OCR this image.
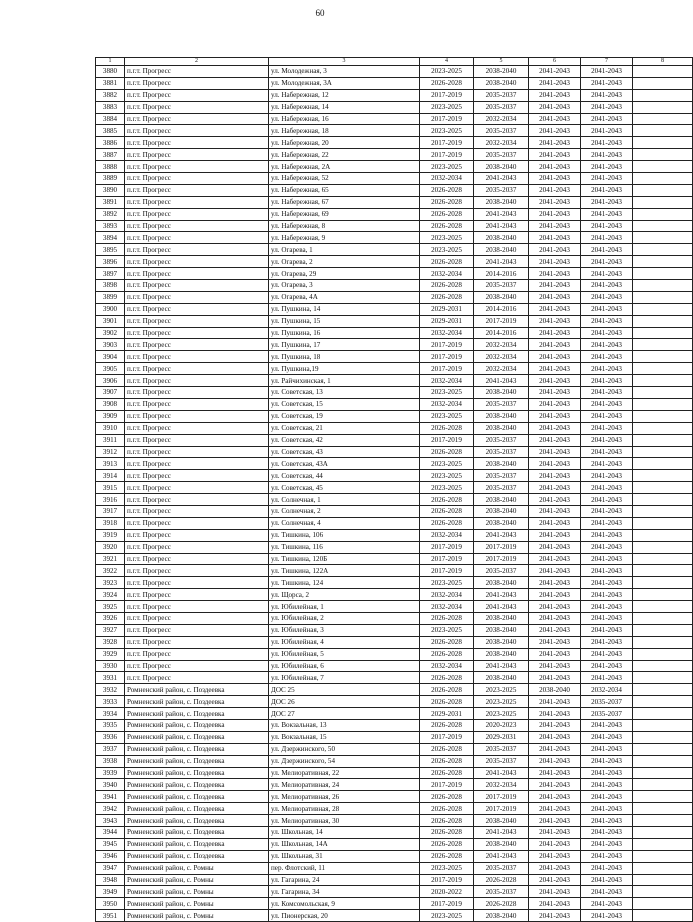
60
1	2	3	4	5	6	7	8
3880	п.г.т. Прогресс	ул. Молодежная, 3	2023-2025	2038-2040	2041-2043	2041-2043	
3881	п.г.т. Прогресс	ул. Молодежная, 3А	2026-2028	2038-2040	2041-2043	2041-2043	
3882	п.г.т. Прогресс	ул. Набережная, 12	2017-2019	2035-2037	2041-2043	2041-2043	
3883	п.г.т. Прогресс	ул. Набережная, 14	2023-2025	2035-2037	2041-2043	2041-2043	
3884	п.г.т. Прогресс	ул. Набережная, 16	2017-2019	2032-2034	2041-2043	2041-2043	
3885	п.г.т. Прогресс	ул. Набережная, 18	2023-2025	2035-2037	2041-2043	2041-2043	
3886	п.г.т. Прогресс	ул. Набережная, 20	2017-2019	2032-2034	2041-2043	2041-2043	
3887	п.г.т. Прогресс	ул. Набережная, 22	2017-2019	2035-2037	2041-2043	2041-2043	
3888	п.г.т. Прогресс	ул. Набережная, 2А	2023-2025	2038-2040	2041-2043	2041-2043	
3889	п.г.т. Прогресс	ул. Набережная, 52	2032-2034	2041-2043	2041-2043	2041-2043	
3890	п.г.т. Прогресс	ул. Набережная, 65	2026-2028	2035-2037	2041-2043	2041-2043	
3891	п.г.т. Прогресс	ул. Набережная, 67	2026-2028	2038-2040	2041-2043	2041-2043	
3892	п.г.т. Прогресс	ул. Набережная, 69	2026-2028	2041-2043	2041-2043	2041-2043	
3893	п.г.т. Прогресс	ул. Набережная, 8	2026-2028	2041-2043	2041-2043	2041-2043	
3894	п.г.т. Прогресс	ул. Набережная, 9	2023-2025	2038-2040	2041-2043	2041-2043	
3895	п.г.т. Прогресс	ул. Огарева, 1	2023-2025	2038-2040	2041-2043	2041-2043	
3896	п.г.т. Прогресс	ул. Огарева, 2	2026-2028	2041-2043	2041-2043	2041-2043	
3897	п.г.т. Прогресс	ул. Огарева, 29	2032-2034	2014-2016	2041-2043	2041-2043	
3898	п.г.т. Прогресс	ул. Огарева, 3	2026-2028	2035-2037	2041-2043	2041-2043	
3899	п.г.т. Прогресс	ул. Огарева, 4А	2026-2028	2038-2040	2041-2043	2041-2043	
3900	п.г.т. Прогресс	ул. Пушкина, 14	2029-2031	2014-2016	2041-2043	2041-2043	
3901	п.г.т. Прогресс	ул. Пушкина, 15	2029-2031	2017-2019	2041-2043	2041-2043	
3902	п.г.т. Прогресс	ул. Пушкина, 16	2032-2034	2014-2016	2041-2043	2041-2043	
3903	п.г.т. Прогресс	ул. Пушкина, 17	2017-2019	2032-2034	2041-2043	2041-2043	
3904	п.г.т. Прогресс	ул. Пушкина, 18	2017-2019	2032-2034	2041-2043	2041-2043	
3905	п.г.т. Прогресс	ул. Пушкина,19	2017-2019	2032-2034	2041-2043	2041-2043	
3906	п.г.т. Прогресс	ул. Райчихинская, 1	2032-2034	2041-2043	2041-2043	2041-2043	
3907	п.г.т. Прогресс	ул. Советская, 13	2023-2025	2038-2040	2041-2043	2041-2043	
3908	п.г.т. Прогресс	ул. Советская, 15	2032-2034	2035-2037	2041-2043	2041-2043	
3909	п.г.т. Прогресс	ул. Советская, 19	2023-2025	2038-2040	2041-2043	2041-2043	
3910	п.г.т. Прогресс	ул. Советская, 21	2026-2028	2038-2040	2041-2043	2041-2043	
3911	п.г.т. Прогресс	ул. Советская, 42	2017-2019	2035-2037	2041-2043	2041-2043	
3912	п.г.т. Прогресс	ул. Советская, 43	2026-2028	2035-2037	2041-2043	2041-2043	
3913	п.г.т. Прогресс	ул. Советская, 43А	2023-2025	2038-2040	2041-2043	2041-2043	
3914	п.г.т. Прогресс	ул. Советская, 44	2023-2025	2035-2037	2041-2043	2041-2043	
3915	п.г.т. Прогресс	ул. Советская, 45	2023-2025	2035-2037	2041-2043	2041-2043	
3916	п.г.т. Прогресс	ул. Солнечная, 1	2026-2028	2038-2040	2041-2043	2041-2043	
3917	п.г.т. Прогресс	ул. Солнечная, 2	2026-2028	2038-2040	2041-2043	2041-2043	
3918	п.г.т. Прогресс	ул. Солнечная, 4	2026-2028	2038-2040	2041-2043	2041-2043	
3919	п.г.т. Прогресс	ул. Тишкина, 106	2032-2034	2041-2043	2041-2043	2041-2043	
3920	п.г.т. Прогресс	ул. Тишкина, 116	2017-2019	2017-2019	2041-2043	2041-2043	
3921	п.г.т. Прогресс	ул. Тишкина, 120Б	2017-2019	2017-2019	2041-2043	2041-2043	
3922	п.г.т. Прогресс	ул. Тишкина, 122А	2017-2019	2035-2037	2041-2043	2041-2043	
3923	п.г.т. Прогресс	ул. Тишкина, 124	2023-2025	2038-2040	2041-2043	2041-2043	
3924	п.г.т. Прогресс	ул. Щорса, 2	2032-2034	2041-2043	2041-2043	2041-2043	
3925	п.г.т. Прогресс	ул. Юбилейная, 1	2032-2034	2041-2043	2041-2043	2041-2043	
3926	п.г.т. Прогресс	ул. Юбилейная, 2	2026-2028	2038-2040	2041-2043	2041-2043	
3927	п.г.т. Прогресс	ул. Юбилейная, 3	2023-2025	2038-2040	2041-2043	2041-2043	
3928	п.г.т. Прогресс	ул. Юбилейная, 4	2026-2028	2038-2040	2041-2043	2041-2043	
3929	п.г.т. Прогресс	ул. Юбилейная, 5	2026-2028	2038-2040	2041-2043	2041-2043	
3930	п.г.т. Прогресс	ул. Юбилейная, 6	2032-2034	2041-2043	2041-2043	2041-2043	
3931	п.г.т. Прогресс	ул. Юбилейная, 7	2026-2028	2038-2040	2041-2043	2041-2043	
3932	Ромненский район, с. Поздеевка	ДОС 25	2026-2028	2023-2025	2038-2040	2032-2034	
3933	Ромненский район, с. Поздеевка	ДОС 26	2026-2028	2023-2025	2041-2043	2035-2037	
3934	Ромненский район, с. Поздеевка	ДОС 27	2029-2031	2023-2025	2041-2043	2035-2037	
3935	Ромненский район, с. Поздеевка	ул. Вокзальная, 13	2026-2028	2020-2023	2041-2043	2041-2043	
3936	Ромненский район, с. Поздеевка	ул. Вокзальная, 15	2017-2019	2029-2031	2041-2043	2041-2043	
3937	Ромненский район, с. Поздеевка	ул. Дзержинского, 50	2026-2028	2035-2037	2041-2043	2041-2043	
3938	Ромненский район, с. Поздеевка	ул. Дзержинского, 54	2026-2028	2035-2037	2041-2043	2041-2043	
3939	Ромненский район, с. Поздеевка	ул. Мелиоративная, 22	2026-2028	2041-2043	2041-2043	2041-2043	
3940	Ромненский район, с. Поздеевка	ул. Мелиоративная, 24	2017-2019	2032-2034	2041-2043	2041-2043	
3941	Ромненский район, с. Поздеевка	ул. Мелиоративная, 26	2026-2028	2017-2019	2041-2043	2041-2043	
3942	Ромненский район, с. Поздеевка	ул. Мелиоративная, 28	2026-2028	2017-2019	2041-2043	2041-2043	
3943	Ромненский район, с. Поздеевка	ул. Мелиоративная, 30	2026-2028	2038-2040	2041-2043	2041-2043	
3944	Ромненский район, с. Поздеевка	ул. Школьная, 14	2026-2028	2041-2043	2041-2043	2041-2043	
3945	Ромненский район, с. Поздеевка	ул. Школьная, 14А	2026-2028	2038-2040	2041-2043	2041-2043	
3946	Ромненский район, с. Поздеевка	ул. Школьная, 31	2026-2028	2041-2043	2041-2043	2041-2043	
3947	Ромненский район, с. Ромны	пер. Флотский, 11	2023-2025	2035-2037	2041-2043	2041-2043	
3948	Ромненский район, с. Ромны	ул. Гагарина, 24	2017-2019	2026-2028	2041-2043	2041-2043	
3949	Ромненский район, с. Ромны	ул. Гагарина, 34	2020-2022	2035-2037	2041-2043	2041-2043	
3950	Ромненский район, с. Ромны	ул. Комсомольская, 9	2017-2019	2026-2028	2041-2043	2041-2043	
3951	Ромненский район, с. Ромны	ул. Пионерская, 20	2023-2025	2038-2040	2041-2043	2041-2043	
